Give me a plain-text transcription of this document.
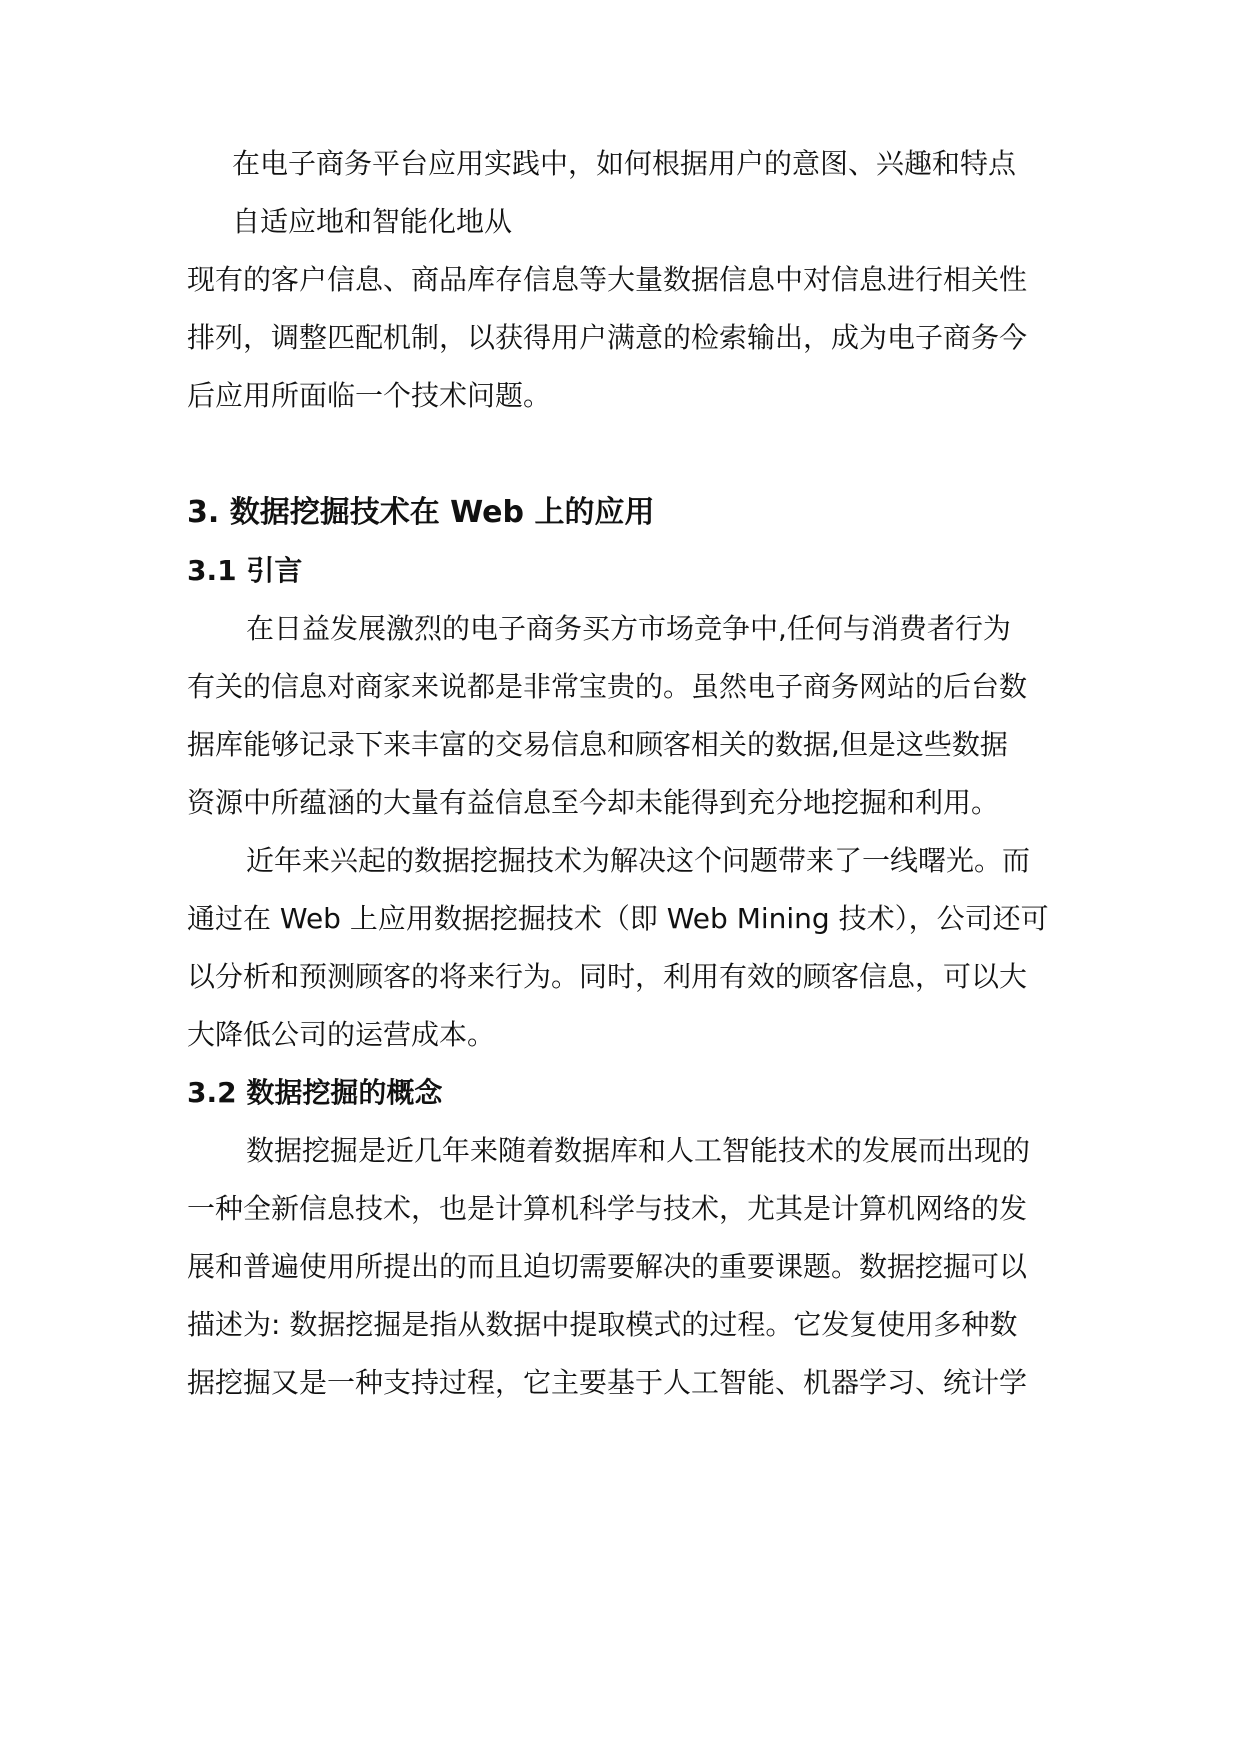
在电子商务平台应用实践中，如何根据用户的意图、兴趣和特点
自适应地和智能化地从
现有的客户信息、商品库存信息等大量数据信息中对信息进行相关性
排列，调整匹配机制，以获得用户满意的检索输出，成为电子商务今
后应用所面临一个技术问题。
3. 数据挖掘技术在 Web 上的应用
3.1 引言
在日益发展激烈的电子商务买方市场竞争中,任何与消费者行为
有关的信息对商家来说都是非常宝贵的。虽然电子商务网站的后台数
据库能够记录下来丰富的交易信息和顾客相关的数据,但是这些数据
资源中所蕴涵的大量有益信息至今却未能得到充分地挖掘和利用。
近年来兴起的数据挖掘技术为解决这个问题带来了一线曙光。而
通过在 Web 上应用数据挖掘技术（即 Web Mining 技术），公司还可
以分析和预测顾客的将来行为。同时，利用有效的顾客信息，可以大
大降低公司的运营成本。
3.2 数据挖掘的概念
数据挖掘是近几年来随着数据库和人工智能技术的发展而出现的
一种全新信息技术，也是计算机科学与技术，尤其是计算机网络的发
展和普遍使用所提出的而且迫切需要解决的重要课题。数据挖掘可以
描述为: 数据挖掘是指从数据中提取模式的过程。它发复使用多种数
据挖掘又是一种支持过程，它主要基于人工智能、机器学习、统计学
